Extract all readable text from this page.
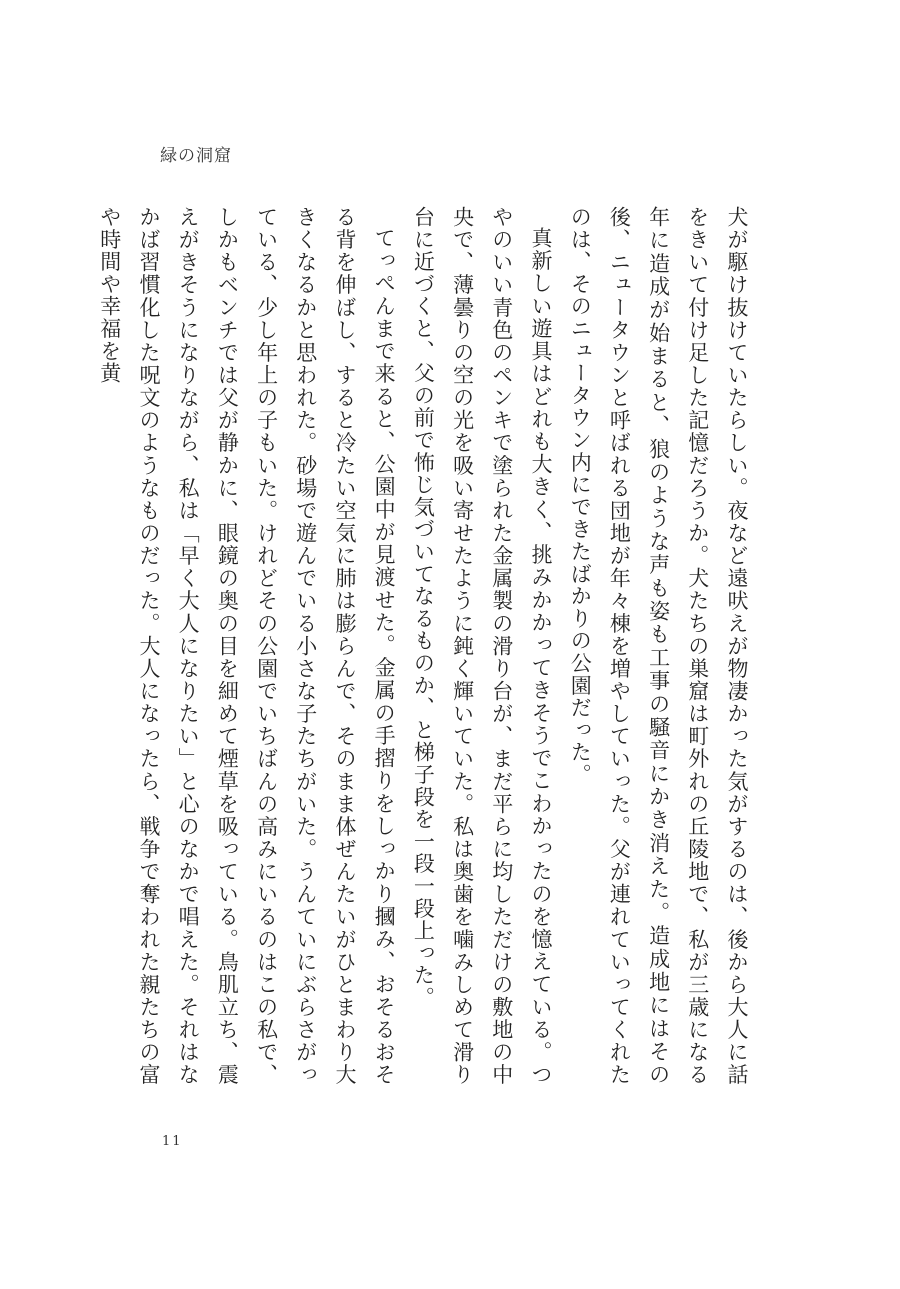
緑の洞窟

犬が駆け抜けていたらしい。夜など遠吠えが物凄かった気がするのは、後から大人に話をきいて付け足した記憶だろうか。犬たちの巣窟は町外れの丘陵地で、私が三歳になる年に造成が始まると、狼のような声も姿も工事の騒音にかき消えた。造成地にはその後、ニュータウンと呼ばれる団地が年々棟を増やしていった。父が連れていってくれたのは、そのニュータウン内にできたばかりの公園だった。

真新しい遊具はどれも大きく、挑みかかってきそうでこわかったのを憶えている。つやのいい青色のペンキで塗られた金属製の滑り台が、まだ平らに均しただけの敷地の中央で、薄曇りの空の光を吸い寄せたように鈍く輝いていた。私は奥歯を噛みしめて滑り台に近づくと、父の前で怖じ気づいてなるものか、と梯子段を一段一段上った。

てっぺんまで来ると、公園中が見渡せた。金属の手摺りをしっかり摑み、おそるおそる背を伸ばし、すると冷たい空気に肺は膨らんで、そのまま体ぜんたいがひとまわり大きくなるかと思われた。砂場で遊んでいる小さな子たちがいた。うんていにぶらさがっている、少し年上の子もいた。けれどその公園でいちばんの高みにいるのはこの私で、しかもベンチでは父が静かに、眼鏡の奥の目を細めて煙草を吸っている。鳥肌立ち、震えがきそうになりながら、私は「早く大人になりたい」と心のなかで唱えた。それはなかば習慣化した呪文のようなものだった。大人になったら、戦争で奪われた親たちの富や時間や幸福を黄

11
